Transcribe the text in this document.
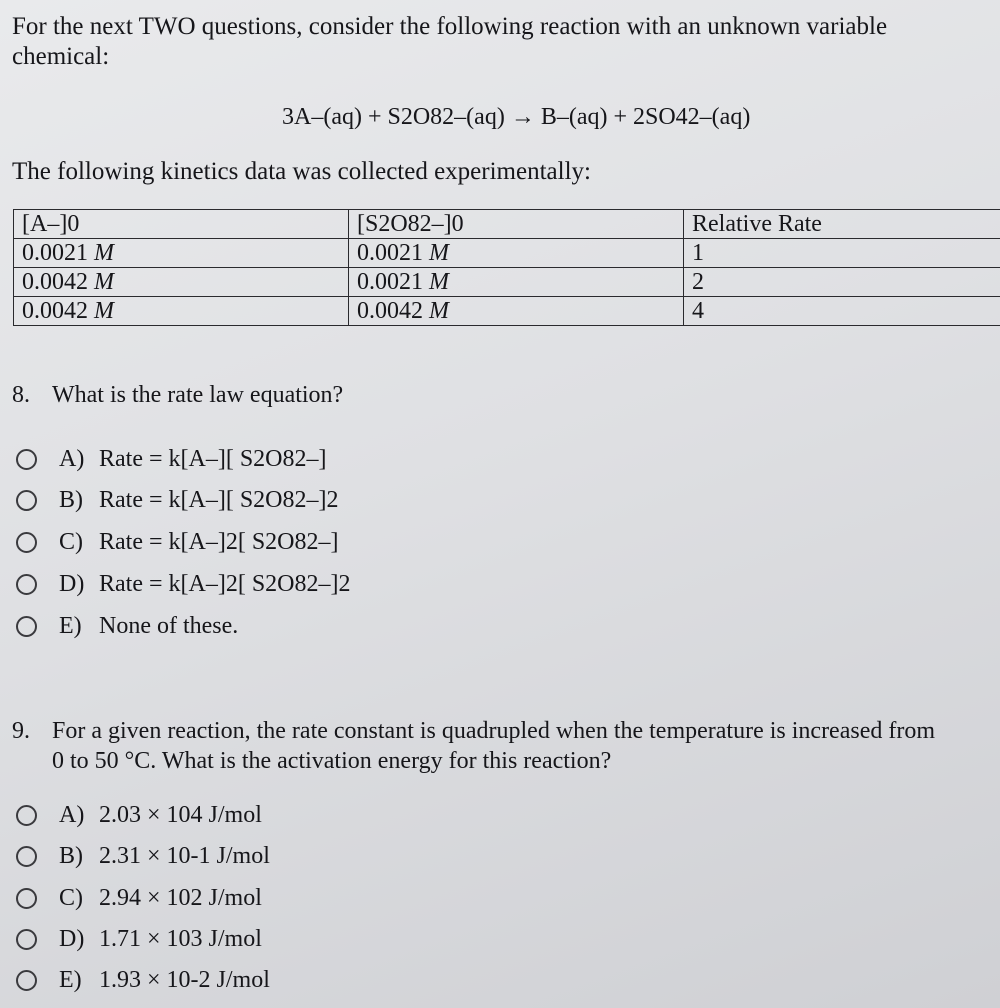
For the next TWO questions, consider the following reaction with an unknown variable
chemical:
3A–(aq) + S2O82–(aq) → B–(aq) + 2SO42–(aq)
The following kinetics data was collected experimentally:
[A–]0	[S2O82–]0	Relative Rate
0.0021 M	0.0021 M	1
0.0042 M	0.0021 M	2
0.0042 M	0.0042 M	4
8. What is the rate law equation?
A) Rate = k[A–][ S2O82–]
B) Rate = k[A–][ S2O82–]2
C) Rate = k[A–]2[ S2O82–]
D) Rate = k[A–]2[ S2O82–]2
E) None of these.
9. For a given reaction, the rate constant is quadrupled when the temperature is increased from
0 to 50 °C. What is the activation energy for this reaction?
A) 2.03 × 104 J/mol
B) 2.31 × 10-1 J/mol
C) 2.94 × 102 J/mol
D) 1.71 × 103 J/mol
E) 1.93 × 10-2 J/mol
